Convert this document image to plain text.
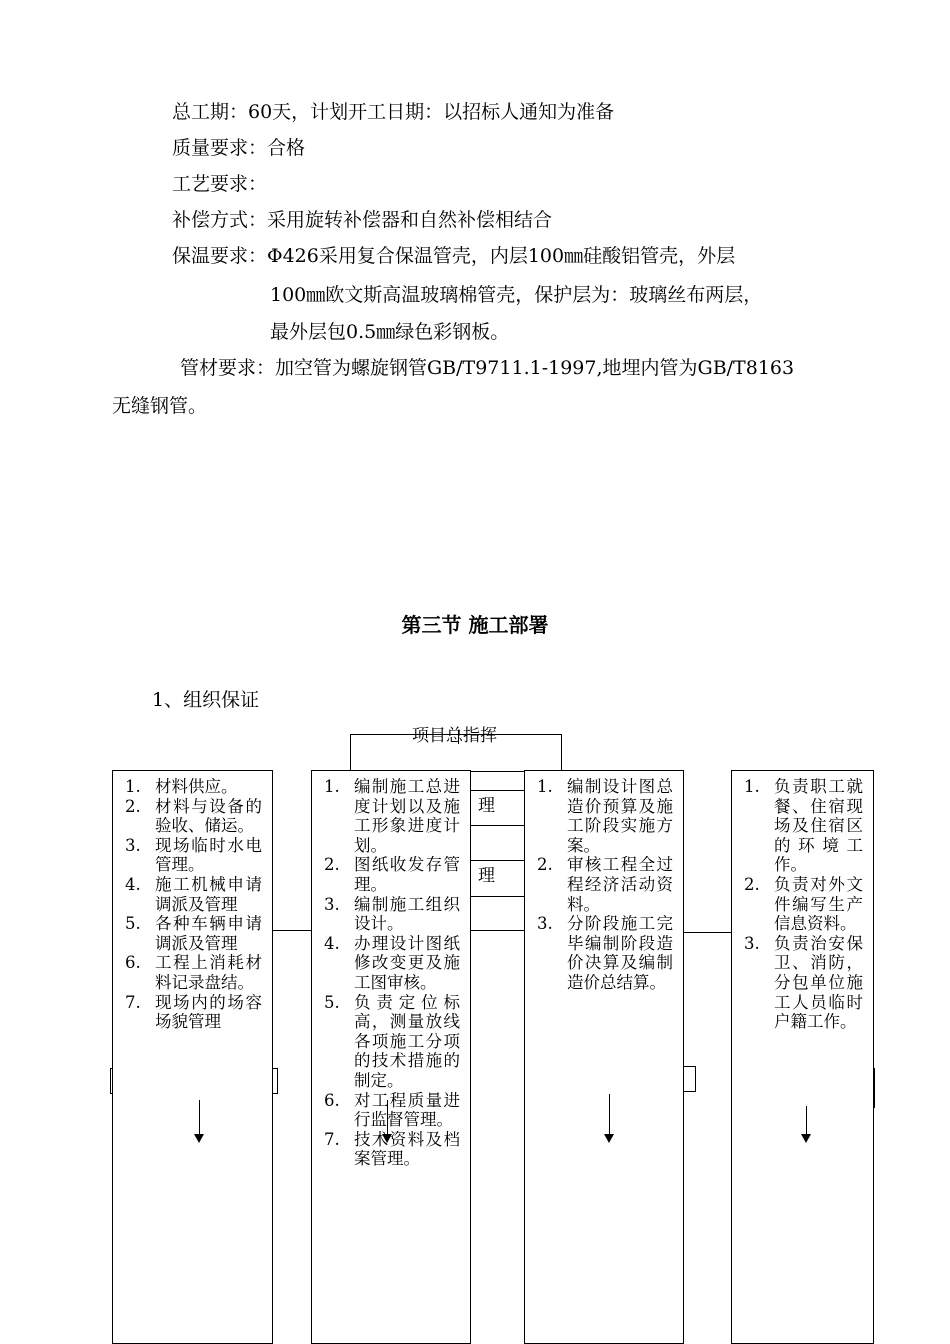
总工期：60天，计划开工日期：以招标人通知为准备
质量要求：合格
工艺要求：
补偿方式：采用旋转补偿器和自然补偿相结合
保温要求：Φ426采用复合保温管壳，内层100㎜硅酸铝管壳，外层
100㎜欧文斯高温玻璃棉管壳，保护层为：玻璃丝布两层，
最外层包0.5㎜绿色彩钢板。
管材要求：加空管为螺旋钢管GB/T9711.1-1997,地埋内管为GB/T8163
无缝钢管。
第三节 施工部署
1、组织保证
项目总指挥
理
理
1. 材料供应。
2. 材料与设备的验收、储运。
3. 现场临时水电管理。
4. 施工机械申请调派及管理
5. 各种车辆申请调派及管理
6. 工程上消耗材料记录盘结。
7. 现场内的场容场貌管理
1. 编制施工总进度计划以及施工形象进度计划。
2. 图纸收发存管理。
3. 编制施工组织设计。
4. 办理设计图纸修改变更及施工图审核。
5. 负责定位标高，测量放线各项施工分项的技术措施的制定。
6. 对工程质量进行监督管理。
7. 技术资料及档案管理。
1. 编制设计图总造价预算及施工阶段实施方案。
2. 审核工程全过程经济活动资料。
3. 分阶段施工完毕编制阶段造价决算及编制造价总结算。
1. 负责职工就餐、住宿现场及住宿区的环境工作。
2. 负责对外文件编写生产信息资料。
3. 负责治安保卫、消防，分包单位施工人员临时户籍工作。
